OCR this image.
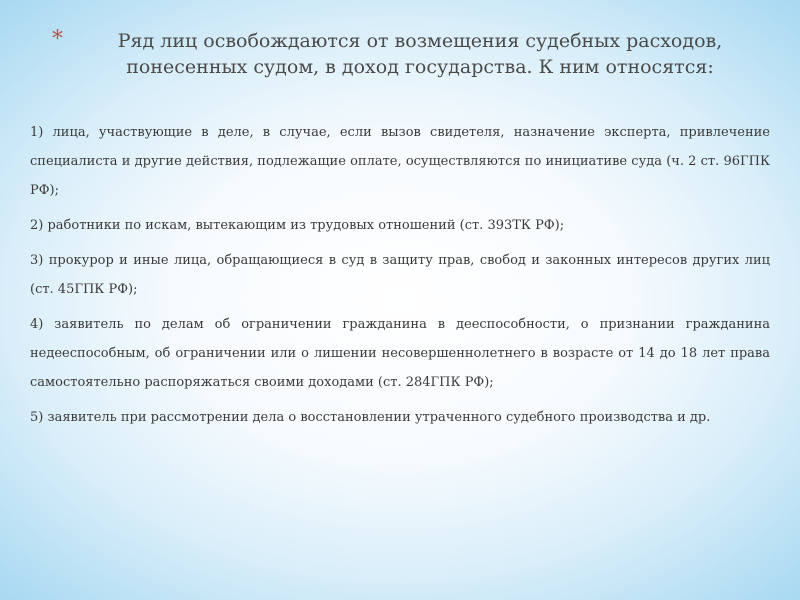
*	Ряд лиц освобождаются от возмещения судебных расходов, понесенных судом, в доход государства. К ним относятся:

1) лица, участвующие в деле, в случае, если вызов свидетеля, назначение эксперта, привлечение специалиста и другие действия, подлежащие оплате, осуществляются по инициативе суда (ч. 2 ст. 96ГПК РФ);

2) работники по искам, вытекающим из трудовых отношений (ст. 393ТК РФ);

3) прокурор и иные лица, обращающиеся в суд в защиту прав, свобод и законных интересов других лиц (ст. 45ГПК РФ);

4) заявитель по делам об ограничении гражданина в дееспособности, о признании гражданина недееспособным, об ограничении или о лишении несовершеннолетнего в возрасте от 14 до 18 лет права самостоятельно распоряжаться своими доходами (ст. 284ГПК РФ);

5) заявитель при рассмотрении дела о восстановлении утраченного судебного производства и др.
